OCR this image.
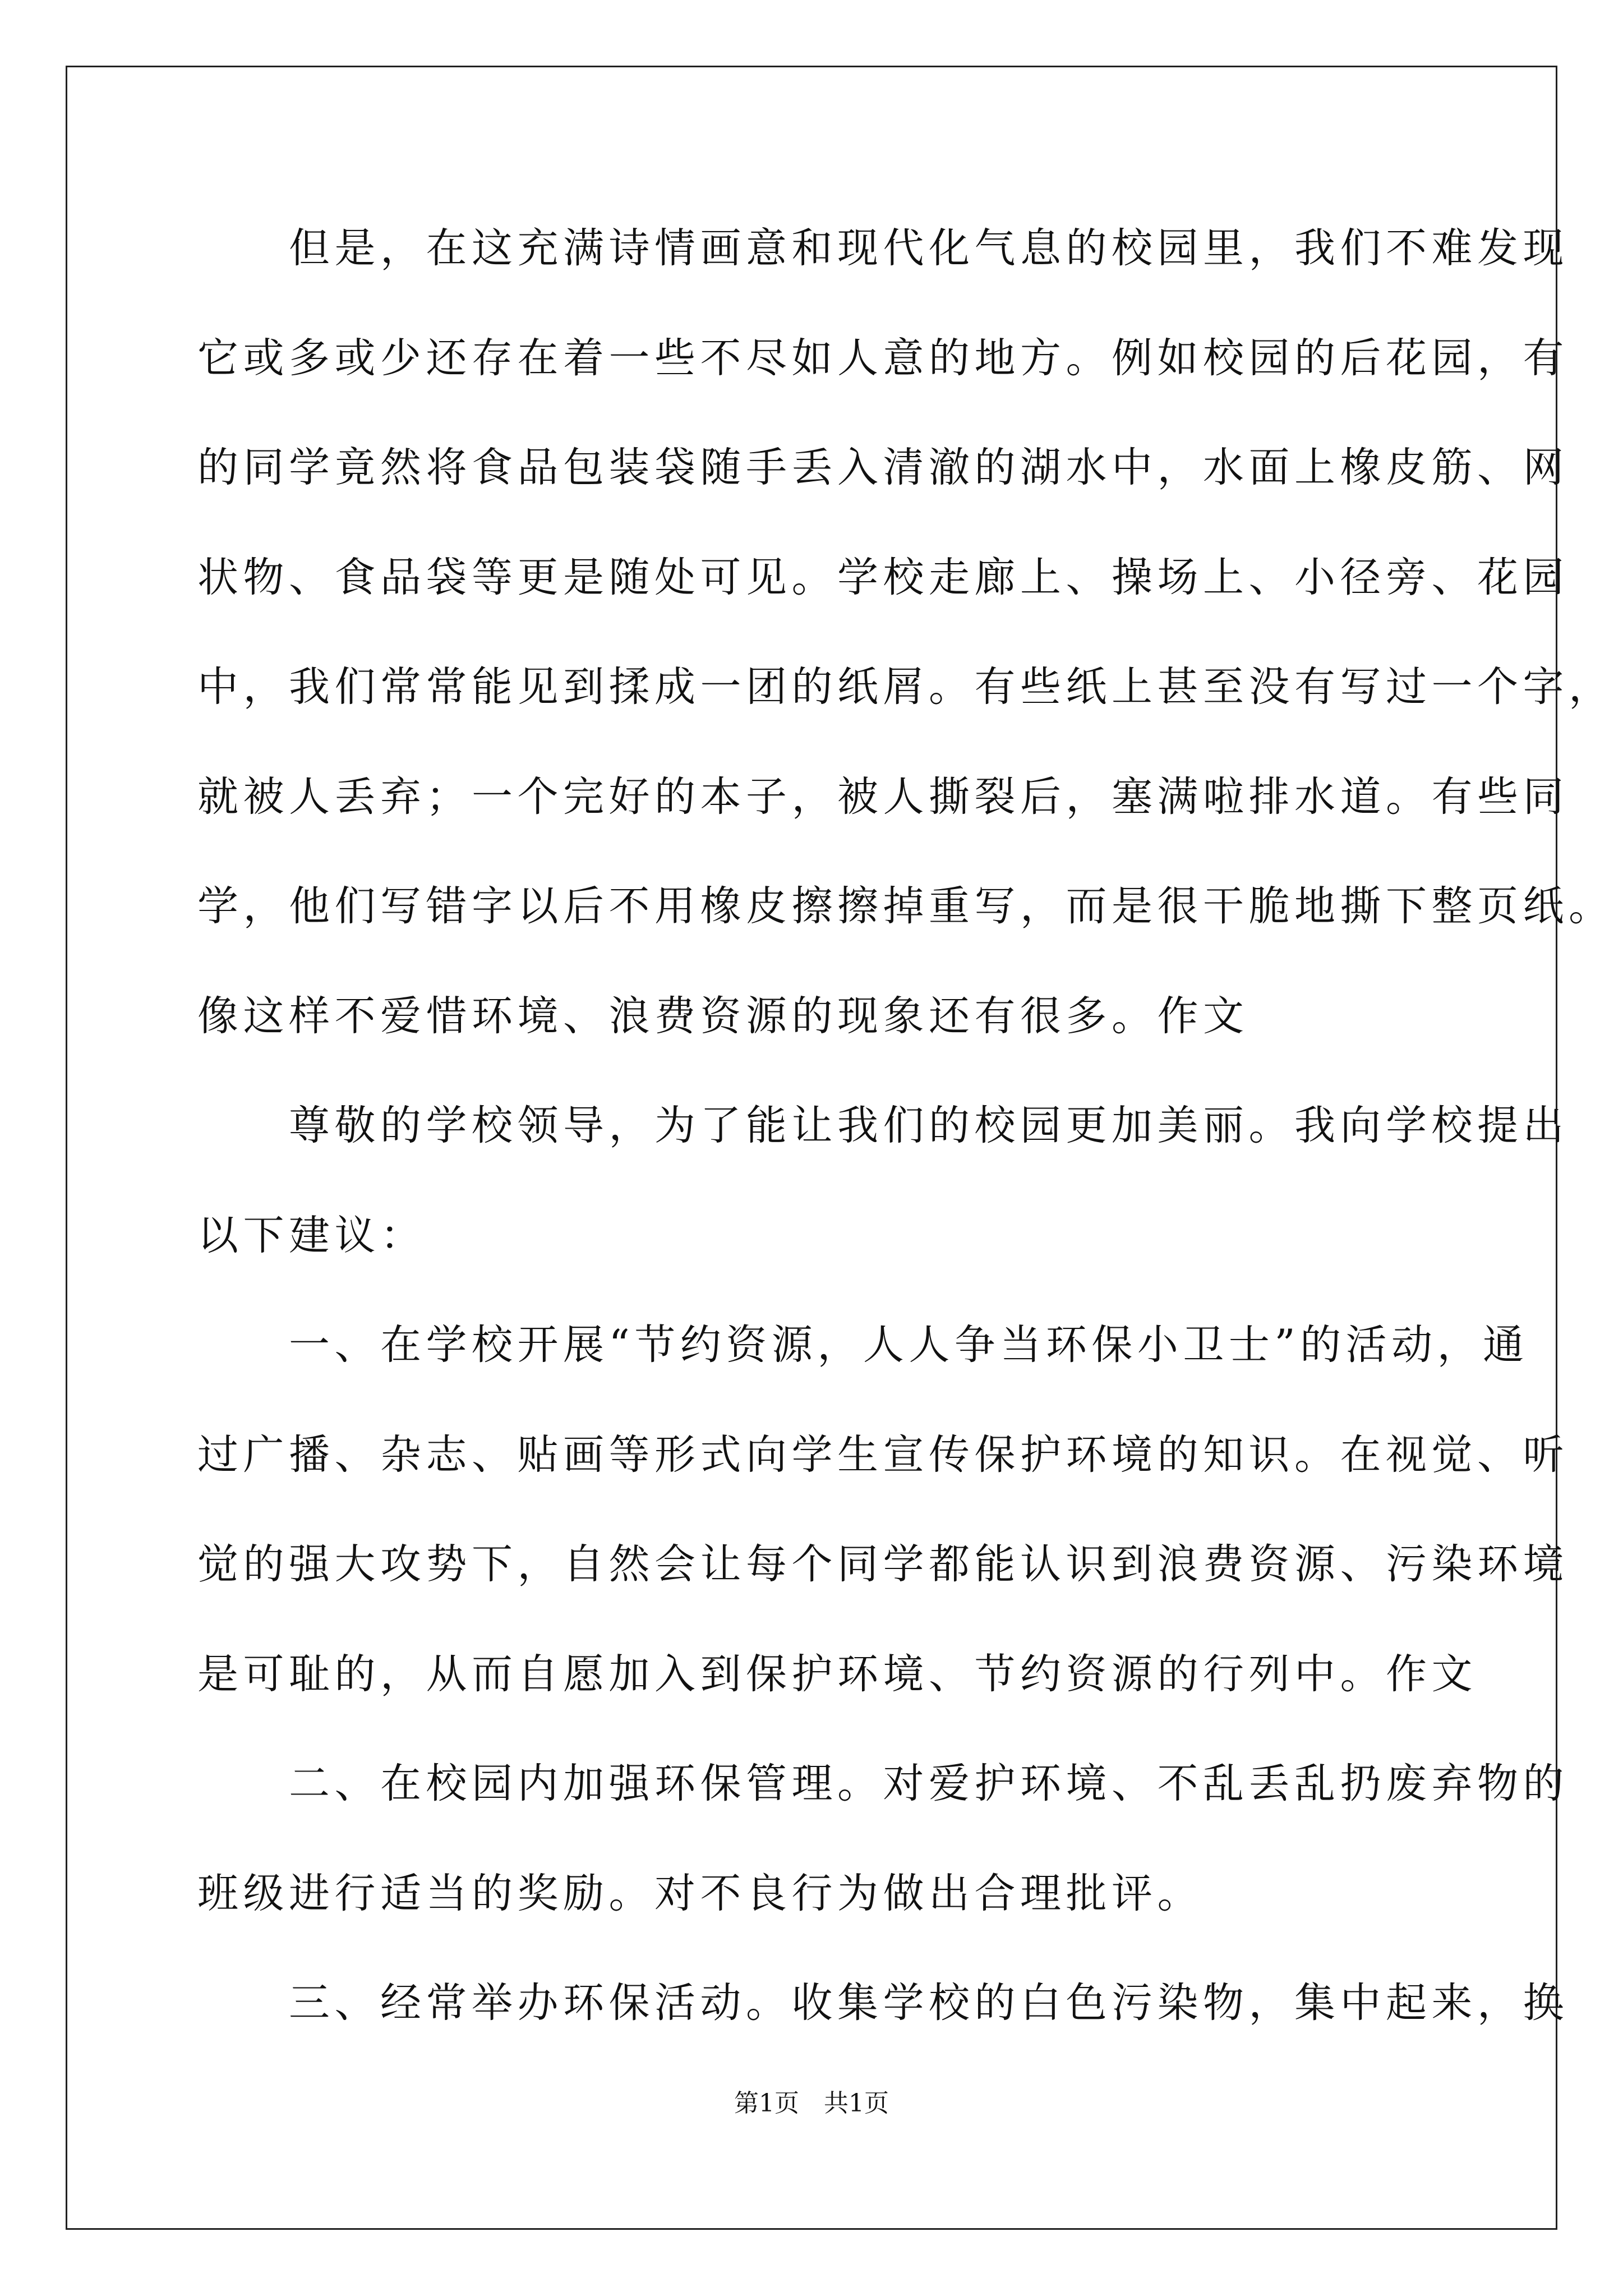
　　但是，在这充满诗情画意和现代化气息的校园里，我们不难发现
它或多或少还存在着一些不尽如人意的地方。例如校园的后花园，有
的同学竟然将食品包装袋随手丢入清澈的湖水中，水面上橡皮筋、网
状物、食品袋等更是随处可见。学校走廊上、操场上、小径旁、花园
中，我们常常能见到揉成一团的纸屑。有些纸上甚至没有写过一个字，
就被人丢弃；一个完好的本子，被人撕裂后，塞满啦排水道。有些同
学，他们写错字以后不用橡皮擦擦掉重写，而是很干脆地撕下整页纸。
像这样不爱惜环境、浪费资源的现象还有很多。作文
　　尊敬的学校领导，为了能让我们的校园更加美丽。我向学校提出
以下建议：
　　一、在学校开展“节约资源，人人争当环保小卫士”的活动，通
过广播、杂志、贴画等形式向学生宣传保护环境的知识。在视觉、听
觉的强大攻势下，自然会让每个同学都能认识到浪费资源、污染环境
是可耻的，从而自愿加入到保护环境、节约资源的行列中。作文
　　二、在校园内加强环保管理。对爱护环境、不乱丢乱扔废弃物的
班级进行适当的奖励。对不良行为做出合理批评。
　　三、经常举办环保活动。收集学校的白色污染物，集中起来，换
第1页　共1页
